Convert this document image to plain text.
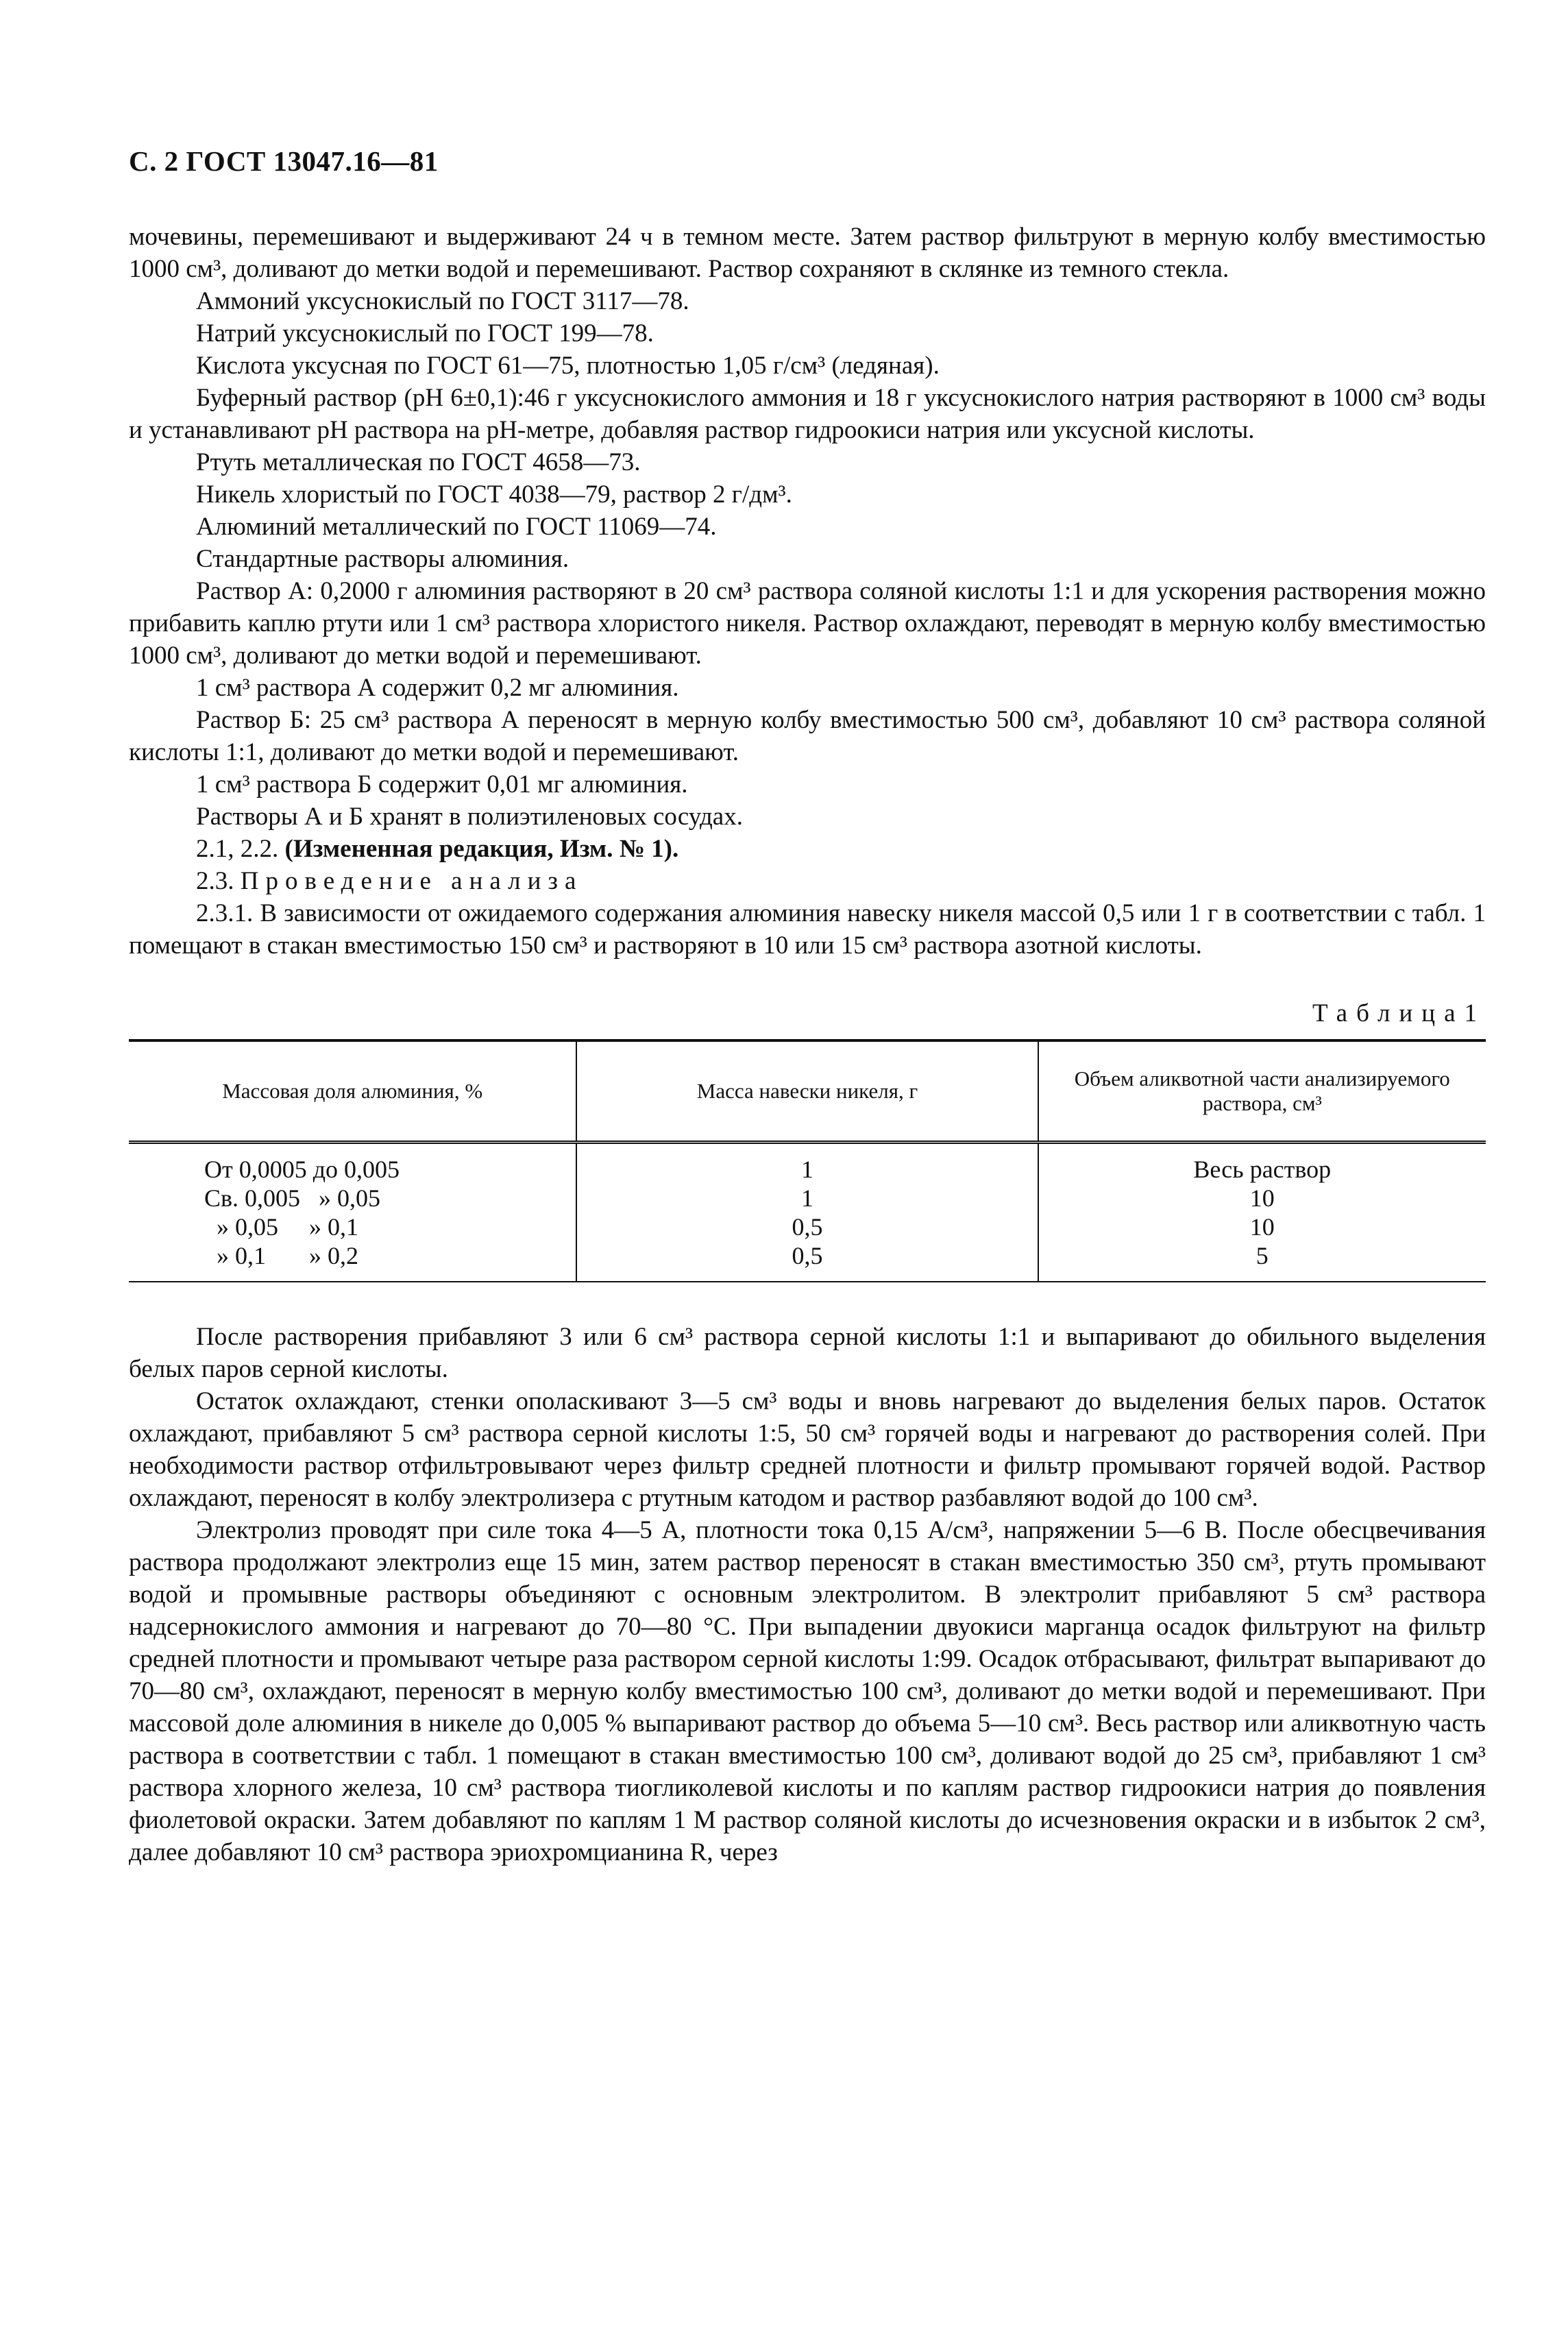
С. 2 ГОСТ 13047.16—81

мочевины, перемешивают и выдерживают 24 ч в темном месте. Затем раствор фильтруют в мерную колбу вместимостью 1000 см³, доливают до метки водой и перемешивают. Раствор сохраняют в склянке из темного стекла.

Аммоний уксуснокислый по ГОСТ 3117—78.

Натрий уксуснокислый по ГОСТ 199—78.

Кислота уксусная по ГОСТ 61—75, плотностью 1,05 г/см³ (ледяная).

Буферный раствор (pH 6±0,1):46 г уксуснокислого аммония и 18 г уксуснокислого натрия растворяют в 1000 см³ воды и устанавливают pH раствора на pH-метре, добавляя раствор гидроокиси натрия или уксусной кислоты.

Ртуть металлическая по ГОСТ 4658—73.

Никель хлористый по ГОСТ 4038—79, раствор 2 г/дм³.

Алюминий металлический по ГОСТ 11069—74.

Стандартные растворы алюминия.

Раствор А: 0,2000 г алюминия растворяют в 20 см³ раствора соляной кислоты 1:1 и для ускорения растворения можно прибавить каплю ртути или 1 см³ раствора хлористого никеля. Раствор охлаждают, переводят в мерную колбу вместимостью 1000 см³, доливают до метки водой и перемешивают.

1 см³ раствора А содержит 0,2 мг алюминия.

Раствор Б: 25 см³ раствора А переносят в мерную колбу вместимостью 500 см³, добавляют 10 см³ раствора соляной кислоты 1:1, доливают до метки водой и перемешивают.

1 см³ раствора Б содержит 0,01 мг алюминия.

Растворы А и Б хранят в полиэтиленовых сосудах.

2.1, 2.2. (Измененная редакция, Изм. № 1).

2.3. Проведение анализа

2.3.1. В зависимости от ожидаемого содержания алюминия навеску никеля массой 0,5 или 1 г в соответствии с табл. 1 помещают в стакан вместимостью 150 см³ и растворяют в 10 или 15 см³ раствора азотной кислоты.

Таблица1
Массовая доля алюминия, %	Масса навески никеля, г	Объем аликвотной части анализируемого раствора, см³
От 0,0005 до 0,005	1	Весь раствор
Св. 0,005   » 0,05	1	10
» 0,05     » 0,1	0,5	10
» 0,1       » 0,2	0,5	5

После растворения прибавляют 3 или 6 см³ раствора серной кислоты 1:1 и выпаривают до обильного выделения белых паров серной кислоты.

Остаток охлаждают, стенки ополаскивают 3—5 см³ воды и вновь нагревают до выделения белых паров. Остаток охлаждают, прибавляют 5 см³ раствора серной кислоты 1:5, 50 см³ горячей воды и нагревают до растворения солей. При необходимости раствор отфильтровывают через фильтр средней плотности и фильтр промывают горячей водой. Раствор охлаждают, переносят в колбу электролизера с ртутным катодом и раствор разбавляют водой до 100 см³.

Электролиз проводят при силе тока 4—5 А, плотности тока 0,15 А/см³, напряжении 5—6 В. После обесцвечивания раствора продолжают электролиз еще 15 мин, затем раствор переносят в стакан вместимостью 350 см³, ртуть промывают водой и промывные растворы объединяют с основным электролитом. В электролит прибавляют 5 см³ раствора надсернокислого аммония и нагревают до 70—80 °С. При выпадении двуокиси марганца осадок фильтруют на фильтр средней плотности и промывают четыре раза раствором серной кислоты 1:99. Осадок отбрасывают, фильтрат выпаривают до 70—80 см³, охлаждают, переносят в мерную колбу вместимостью 100 см³, доливают до метки водой и перемешивают. При массовой доле алюминия в никеле до 0,005 % выпаривают раствор до объема 5—10 см³. Весь раствор или аликвотную часть раствора в соответствии с табл. 1 помещают в стакан вместимостью 100 см³, доливают водой до 25 см³, прибавляют 1 см³ раствора хлорного железа, 10 см³ раствора тиогликолевой кислоты и по каплям раствор гидроокиси натрия до появления фиолетовой окраски. Затем добавляют по каплям 1 М раствор соляной кислоты до исчезновения окраски и в избыток 2 см³, далее добавляют 10 см³ раствора эриохромцианина R, через
